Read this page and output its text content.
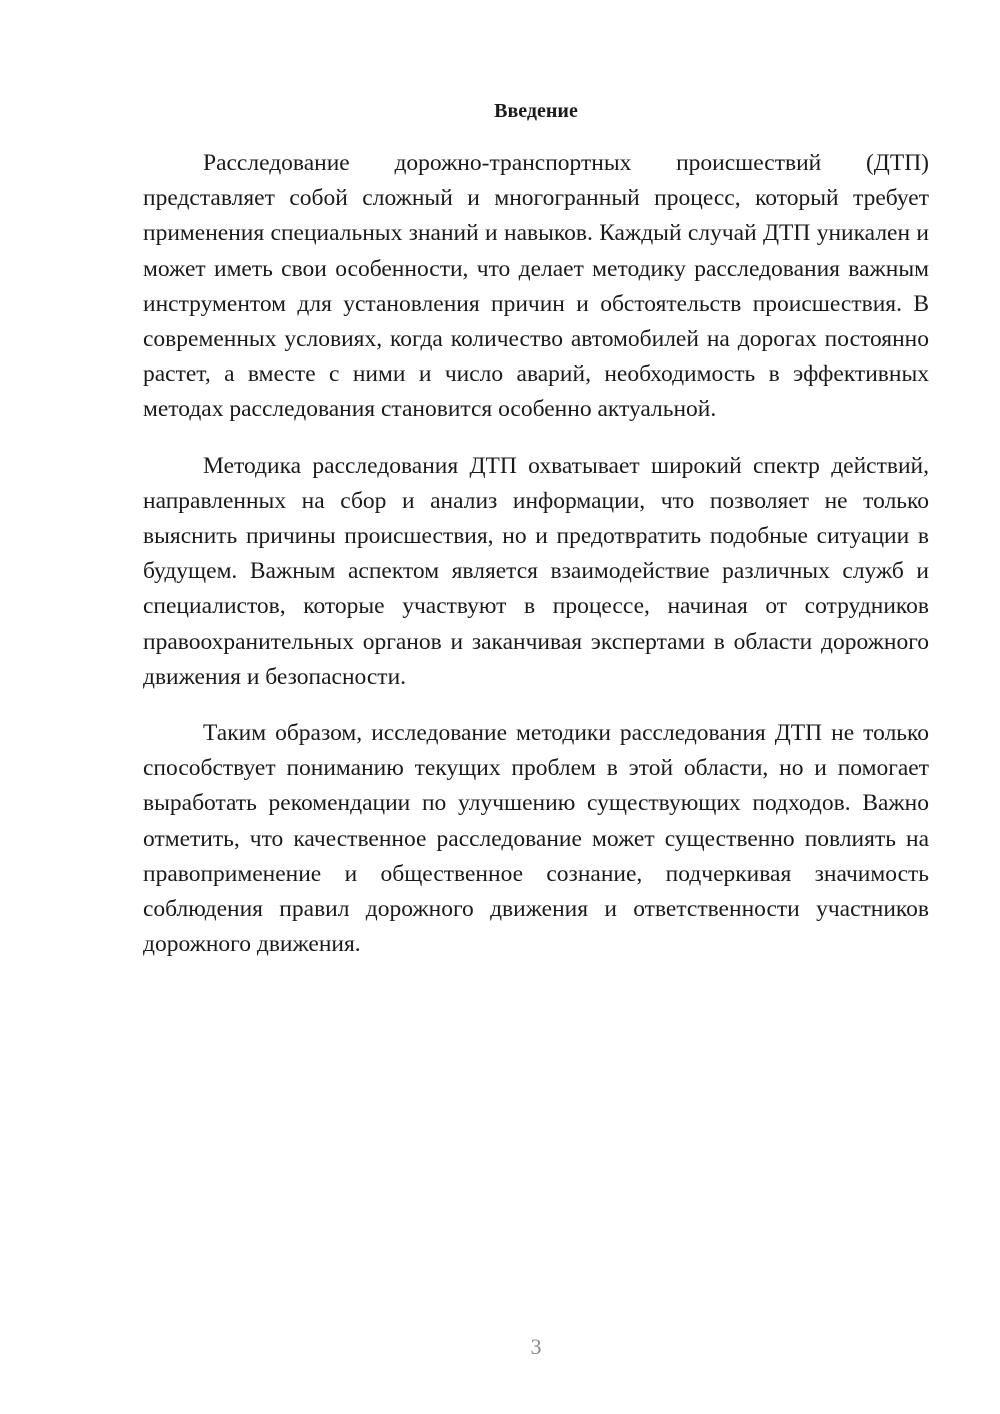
Введение

Расследование дорожно-транспортных происшествий (ДТП) представляет собой сложный и многогранный процесс, который требует применения специальных знаний и навыков. Каждый случай ДТП уникален и может иметь свои особенности, что делает методику расследования важным инструментом для установления причин и обстоятельств происшествия. В современных условиях, когда количество автомобилей на дорогах постоянно растет, а вместе с ними и число аварий, необходимость в эффективных методах расследования становится особенно актуальной.

Методика расследования ДТП охватывает широкий спектр действий, направленных на сбор и анализ информации, что позволяет не только выяснить причины происшествия, но и предотвратить подобные ситуации в будущем. Важным аспектом является взаимодействие различных служб и специалистов, которые участвуют в процессе, начиная от сотрудников правоохранительных органов и заканчивая экспертами в области дорожного движения и безопасности.

Таким образом, исследование методики расследования ДТП не только способствует пониманию текущих проблем в этой области, но и помогает выработать рекомендации по улучшению существующих подходов. Важно отметить, что качественное расследование может существенно повлиять на правоприменение и общественное сознание, подчеркивая значимость соблюдения правил дорожного движения и ответственности участников дорожного движения.

3
